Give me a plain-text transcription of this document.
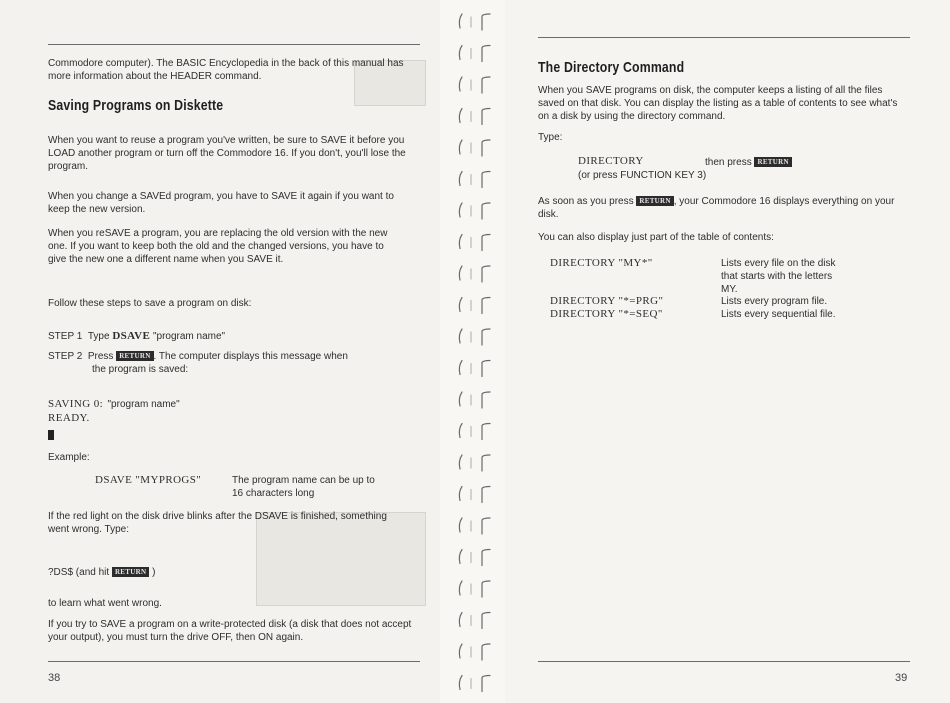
Commodore computer). The BASIC Encyclopedia in the back of this manual has more information about the HEADER command.

Saving Programs on Diskette

When you want to reuse a program you've written, be sure to SAVE it before you LOAD another program or turn off the Commodore 16. If you don't, you'll lose the program.

When you change a SAVEd program, you have to SAVE it again if you want to keep the new version.

When you reSAVE a program, you are replacing the old version with the new one. If you want to keep both the old and the changed versions, you have to give the new one a different name when you SAVE it.

Follow these steps to save a program on disk:

STEP 1 Type DSAVE "program name"
STEP 2 Press RETURN . The computer displays this message when
the program is saved:
SAVING 0: "program name"
READY.

Example:

DSAVE "MYPROGS"	The program name can be up to 16 characters long

If the red light on the disk drive blinks after the DSAVE is finished, something went wrong. Type:

?DS$ (and hit RETURN )

to learn what went wrong.

If you try to SAVE a program on a write-protected disk (a disk that does not accept your output), you must turn the drive OFF, then ON again.

38
The Directory Command

When you SAVE programs on disk, the computer keeps a listing of all the files saved on that disk. You can display the listing as a table of contents to see what's on a disk by using the directory command.

Type:

DIRECTORY	then press RETURN

(or press FUNCTION KEY 3)

As soon as you press RETURN , your Commodore 16 displays everything on your disk.

You can also display just part of the table of contents:

DIRECTORY "MY*"	Lists every file on the disk that starts with the letters MY.

DIRECTORY "*=PRG"	Lists every program file.

DIRECTORY "*=SEQ"	Lists every sequential file.

39
